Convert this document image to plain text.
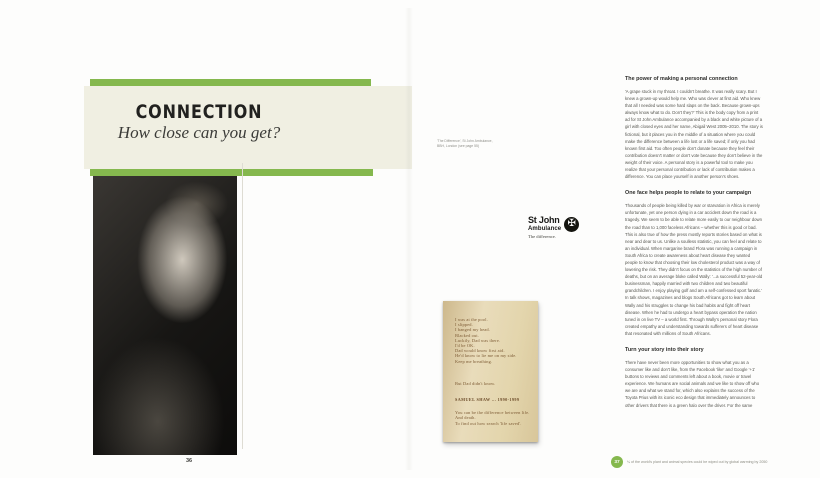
CONNECTION
How close can you get?
36
'The Difference', St John Ambulance,
BBH, London (see page 55)
St John
Ambulance ✠
The difference.
I was at the pool.
I slipped.
I banged my head.
Blacked out.
Luckily, Dad was there.
I'd be OK.
Dad would know first aid.
He'd know to lie me on my side.
Keep me breathing.
But Dad didn't know.
SAMUEL SHAW ... 1990-1999
You can be the difference between life.
And death.
To find out how search 'life saved'.
The power of making a personal connection

'A grape stuck in my throat. I couldn't breathe. It was really scary. But I knew a grown-up would help me. Who was clever at first aid. Who knew that all I needed was some hard slaps on the back. Because grown-ups always know what to do. Don't they?' This is the body copy from a print ad for St John Ambulance accompanied by a black and white picture of a girl with closed eyes and her name, Abigail West 2005–2010. The story is fictional, but it places you in the middle of a situation where you could make the difference between a life lost or a life saved; if only you had known first aid. Too often people don't donate because they feel their contribution doesn't matter or don't vote because they don't believe in the weight of their voice. A personal story is a powerful tool to make you realize that your personal contribution or lack of contribution makes a difference. You can place yourself in another person's shoes.

One face helps people to relate to your campaign

Thousands of people being killed by war or starvation in Africa is merely unfortunate, yet one person dying in a car accident down the road is a tragedy. We seem to be able to relate more easily to our neighbour down the road than to 1,000 faceless Africans – whether this is good or bad. This is also true of how the press mostly reports stories based on what is near and dear to us. Unlike a soulless statistic, you can feel and relate to an individual. When margarine brand Flora was running a campaign in South Africa to create awareness about heart disease they wanted people to know that choosing their low cholesterol product was a way of lowering the risk. They didn't focus on the statistics of the high number of deaths, but on an average bloke called Wally: '...a successful 52-year-old businessman, happily married with two children and two beautiful grandchildren. I enjoy playing golf and am a self-confessed sport fanatic.' In talk shows, magazines and blogs South Africans got to learn about Wally and his struggles to change his bad habits and fight off heart disease. When he had to undergo a heart bypass operation the nation tuned in on live TV – a world first. Through Wally's personal story Flora created empathy and understanding towards sufferers of heart disease that resonated with millions of South Africans.

Turn your story into their story

There have never been more opportunities to show what you as a consumer like and don't like, from the Facebook 'like' and Google '+1' buttons to reviews and comments left about a book, movie or travel experience. We humans are social animals and we like to show off who we are and what we stand for, which also explains the success of the Toyota Prius with its iconic eco design that immediately announces to other drivers that there is a green halo over the driver. For the same

37 ¼ of the world's plant and animal species could be wiped out by global warming by 2050
